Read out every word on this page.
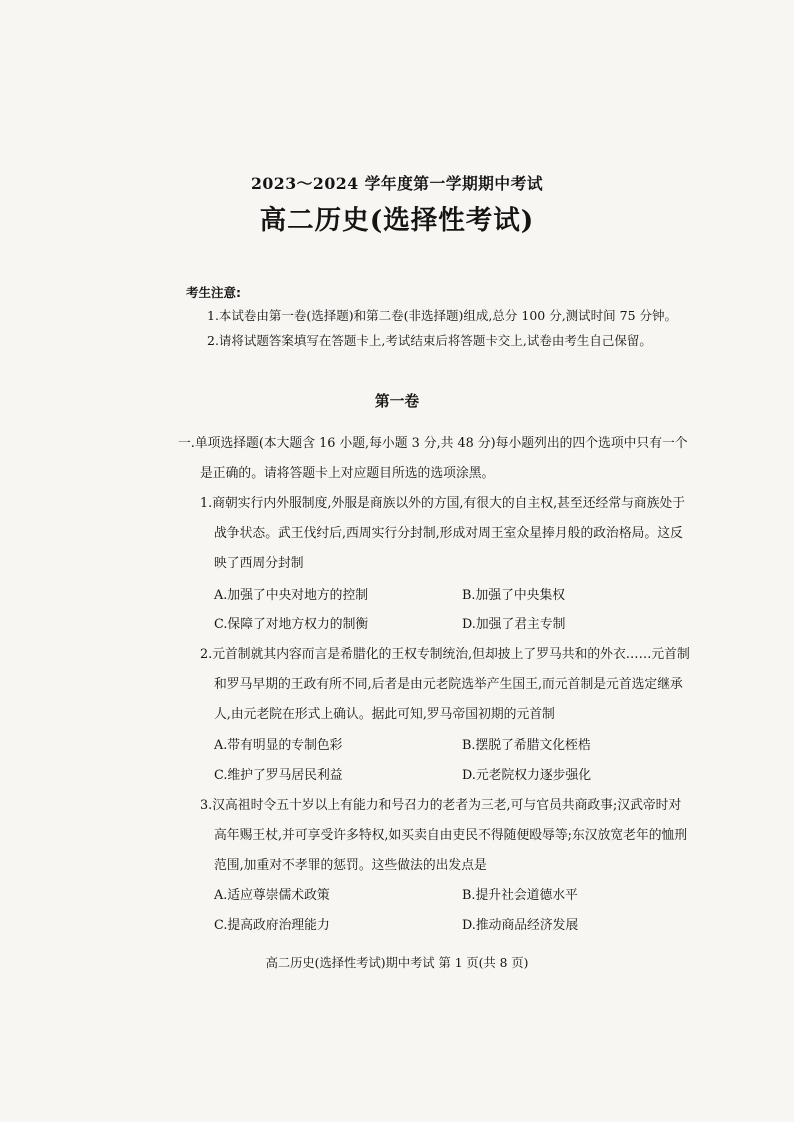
2023～2024 学年度第一学期期中考试
高二历史(选择性考试)
考生注意:
1.本试卷由第一卷(选择题)和第二卷(非选择题)组成,总分 100 分,测试时间 75 分钟。
2.请将试题答案填写在答题卡上,考试结束后将答题卡交上,试卷由考生自己保留。
第一卷
一.单项选择题(本大题含 16 小题,每小题 3 分,共 48 分)每小题列出的四个选项中只有一个
是正确的。请将答题卡上对应题目所选的选项涂黑。
1.商朝实行内外服制度,外服是商族以外的方国,有很大的自主权,甚至还经常与商族处于
战争状态。武王伐纣后,西周实行分封制,形成对周王室众星捧月般的政治格局。这反
映了西周分封制
A.加强了中央对地方的控制	B.加强了中央集权
C.保障了对地方权力的制衡	D.加强了君主专制
2.元首制就其内容而言是希腊化的王权专制统治,但却披上了罗马共和的外衣……元首制
和罗马早期的王政有所不同,后者是由元老院选举产生国王,而元首制是元首选定继承
人,由元老院在形式上确认。据此可知,罗马帝国初期的元首制
A.带有明显的专制色彩	B.摆脱了希腊文化桎梏
C.维护了罗马居民利益	D.元老院权力逐步强化
3.汉高祖时令五十岁以上有能力和号召力的老者为三老,可与官员共商政事;汉武帝时对
高年赐王杖,并可享受许多特权,如买卖自由吏民不得随便殴辱等;东汉放宽老年的恤刑
范围,加重对不孝罪的惩罚。这些做法的出发点是
A.适应尊崇儒术政策	B.提升社会道德水平
C.提高政府治理能力	D.推动商品经济发展
高二历史(选择性考试)期中考试 第 1 页(共 8 页)
